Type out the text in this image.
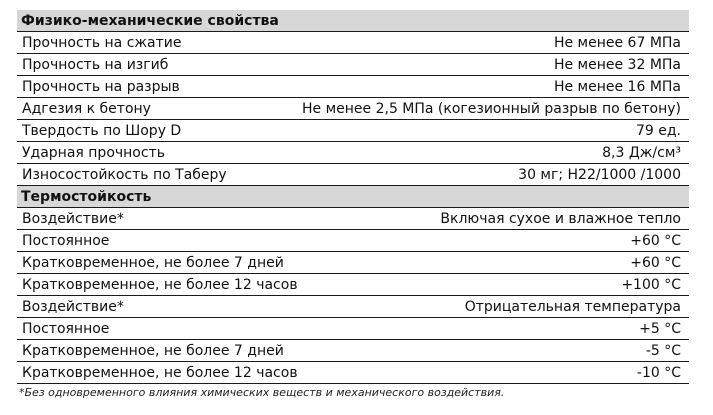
Физико-механические свойства
Прочность на сжатие	Не менее 67 МПа
Прочность на изгиб	Не менее 32 МПа
Прочность на разрыв	Не менее 16 МПа
Адгезия к бетону	Не менее 2,5 МПа (когезионный разрыв по бетону)
Твердость по Шору D	79 ед.
Ударная прочность	8,3 Дж/см³
Износостойкость по Таберу	30 мг; H22/1000 /1000
Термостойкость
Воздействие*	Включая сухое и влажное тепло
Постоянное	+60 °C
Кратковременное, не более 7 дней	+60 °C
Кратковременное, не более 12 часов	+100 °C
Воздействие*	Отрицательная температура
Постоянное	+5 °C
Кратковременное, не более 7 дней	-5 °C
Кратковременное, не более 12 часов	-10 °C
*Без одновременного влияния химических веществ и механического воздействия.
